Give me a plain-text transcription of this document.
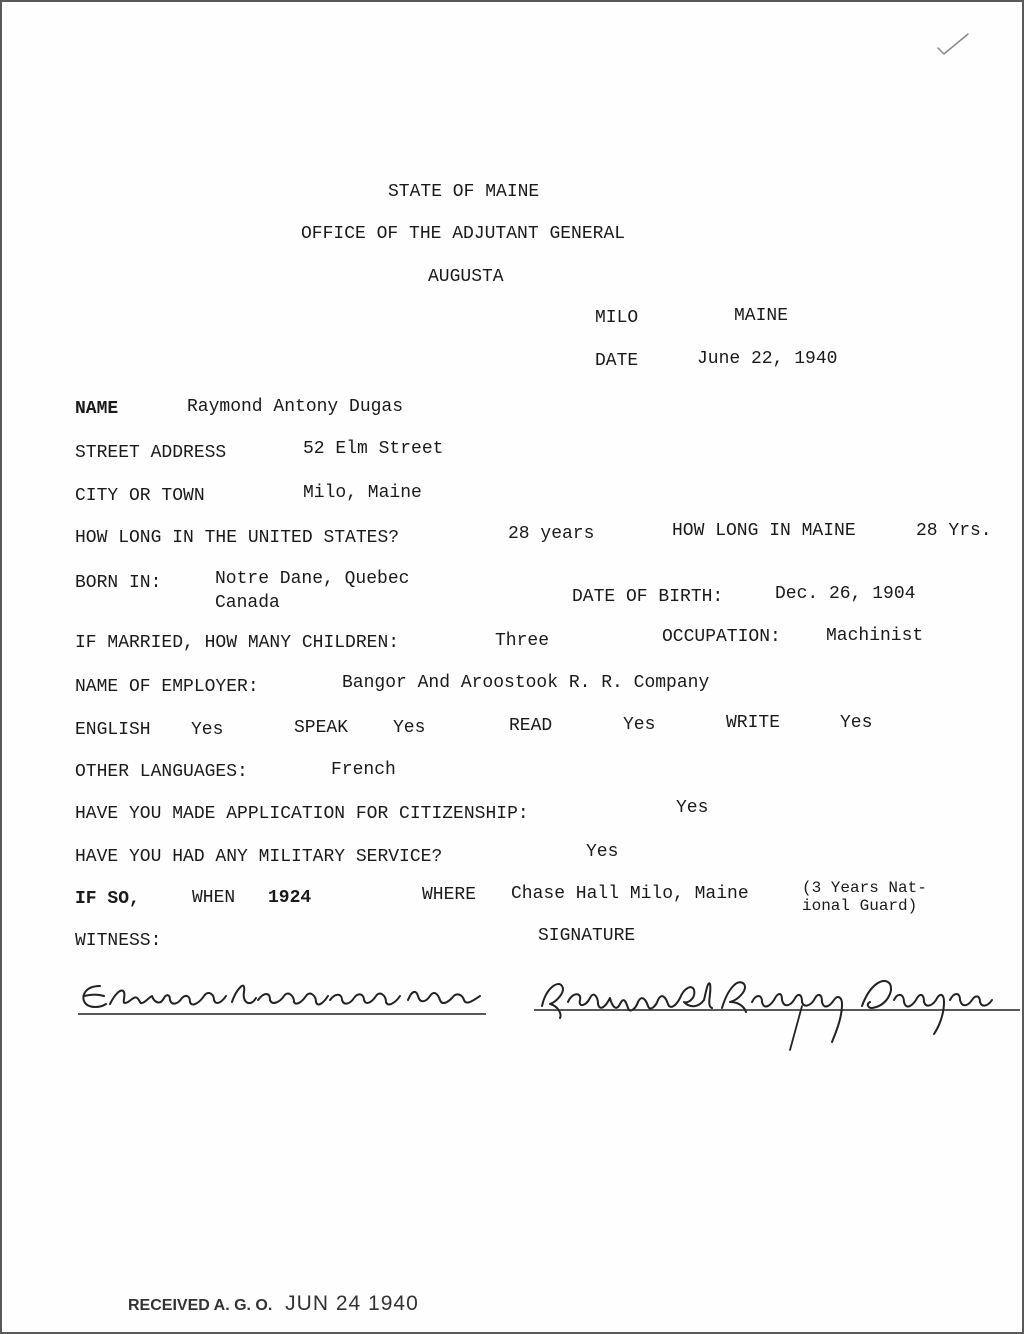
STATE OF MAINE
OFFICE OF THE ADJUTANT GENERAL
AUGUSTA
MILO	MAINE
DATE	June 22, 1940
NAME	Raymond Antony Dugas
STREET ADDRESS	52 Elm Street
CITY OR TOWN	Milo, Maine
HOW LONG IN THE UNITED STATES?	28 years	HOW LONG IN MAINE	28 Yrs.
BORN IN:	Notre Dane, Quebec
Canada	DATE OF BIRTH:	Dec. 26, 1904
IF MARRIED, HOW MANY CHILDREN:	Three	OCCUPATION:	Machinist
NAME OF EMPLOYER:	Bangor And Aroostook R. R. Company
ENGLISH Yes	SPEAK Yes	READ	Yes	WRITE	Yes
OTHER LANGUAGES:	French
HAVE YOU MADE APPLICATION FOR CITIZENSHIP:	Yes
HAVE YOU HAD ANY MILITARY SERVICE?	Yes
IF SO,	WHEN 1924	WHERE Chase Hall Milo, Maine	(3 Years Nat-
ional Guard)
WITNESS:	SIGNATURE
RECEIVED A. G. O. JUN 24 1940
